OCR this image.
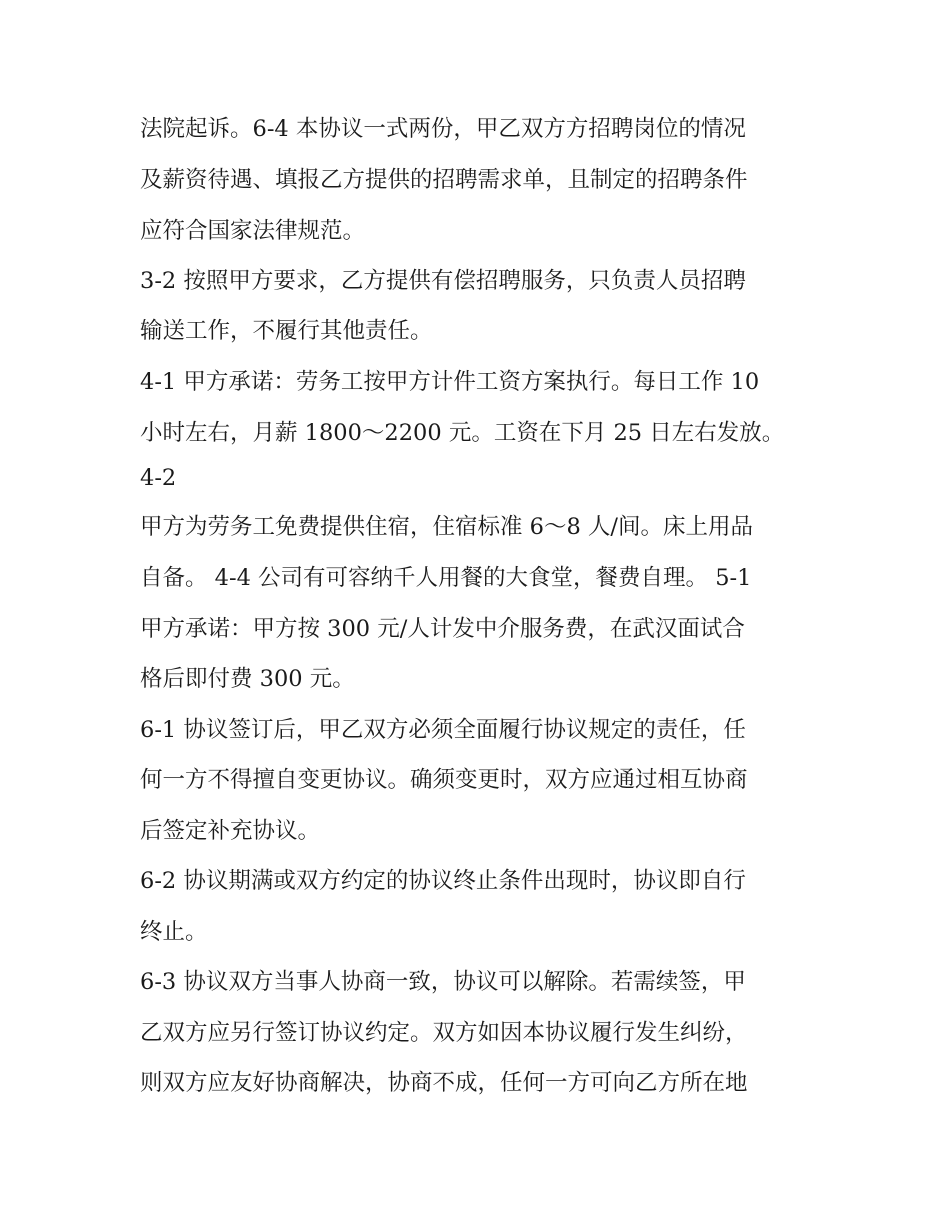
法院起诉。6-4 本协议一式两份，甲乙双方方招聘岗位的情况
及薪资待遇、填报乙方提供的招聘需求单，且制定的招聘条件
应符合国家法律规范。
3-2 按照甲方要求，乙方提供有偿招聘服务，只负责人员招聘
输送工作，不履行其他责任。
4-1 甲方承诺：劳务工按甲方计件工资方案执行。每日工作 10
小时左右，月薪 1800～2200 元。工资在下月 25 日左右发放。
4-2
甲方为劳务工免费提供住宿，住宿标准 6～8 人/间。床上用品
自备。 4-4 公司有可容纳千人用餐的大食堂，餐费自理。 5-1
甲方承诺：甲方按 300 元/人计发中介服务费，在武汉面试合
格后即付费 300 元。
6-1 协议签订后，甲乙双方必须全面履行协议规定的责任，任
何一方不得擅自变更协议。确须变更时，双方应通过相互协商
后签定补充协议。
6-2 协议期满或双方约定的协议终止条件出现时，协议即自行
终止。
6-3 协议双方当事人协商一致，协议可以解除。若需续签，甲
乙双方应另行签订协议约定。双方如因本协议履行发生纠纷，
则双方应友好协商解决，协商不成，任何一方可向乙方所在地
